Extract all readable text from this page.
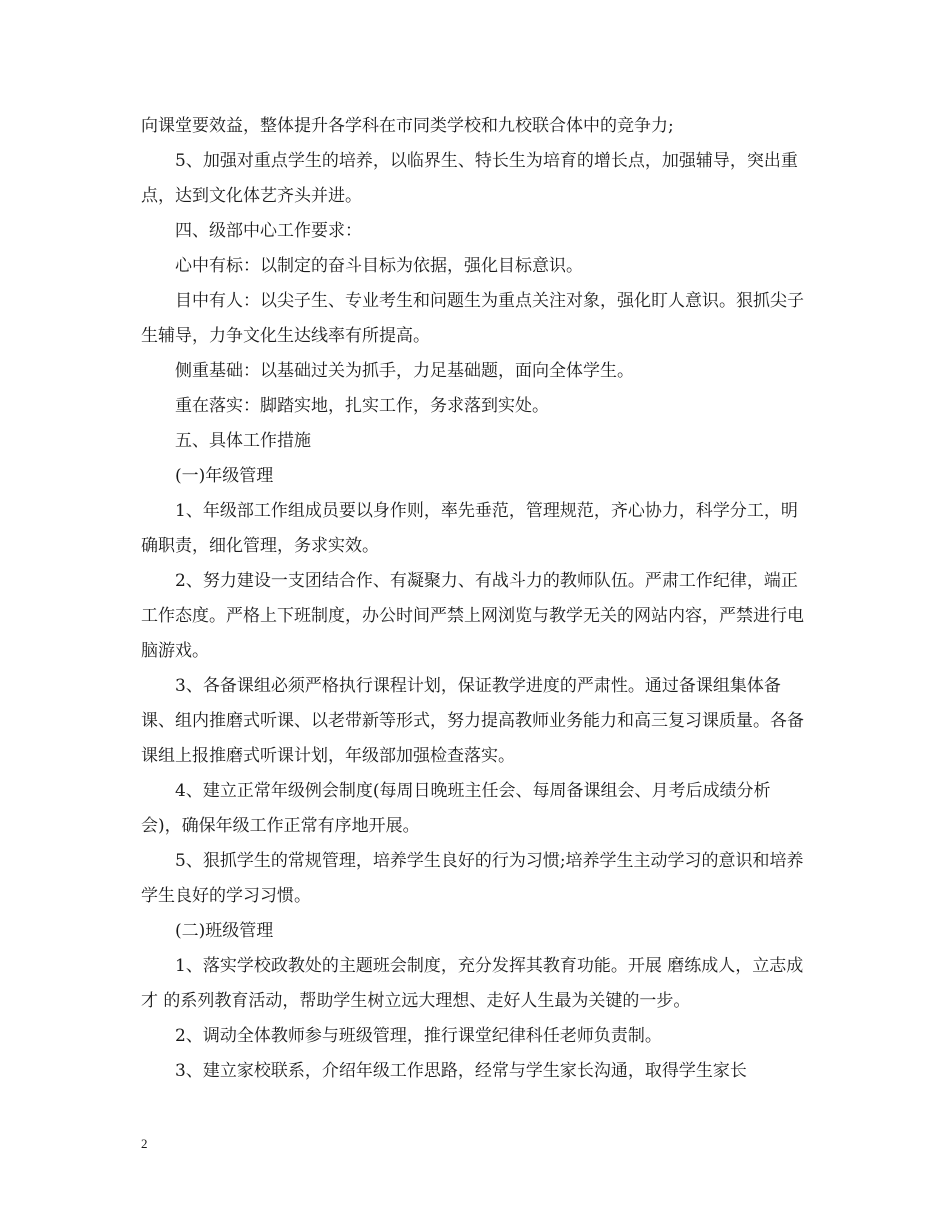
向课堂要效益，整体提升各学科在市同类学校和九校联合体中的竞争力;

5、加强对重点学生的培养，以临界生、特长生为培育的增长点，加强辅导，突出重点，达到文化体艺齐头并进。

四、级部中心工作要求：

心中有标：以制定的奋斗目标为依据，强化目标意识。

目中有人：以尖子生、专业考生和问题生为重点关注对象，强化盯人意识。狠抓尖子生辅导，力争文化生达线率有所提高。

侧重基础：以基础过关为抓手，力足基础题，面向全体学生。

重在落实：脚踏实地，扎实工作，务求落到实处。

五、具体工作措施

(一)年级管理

1、年级部工作组成员要以身作则，率先垂范，管理规范，齐心协力，科学分工，明确职责，细化管理，务求实效。

2、努力建设一支团结合作、有凝聚力、有战斗力的教师队伍。严肃工作纪律，端正工作态度。严格上下班制度，办公时间严禁上网浏览与教学无关的网站内容，严禁进行电脑游戏。

3、各备课组必须严格执行课程计划，保证教学进度的严肃性。通过备课组集体备课、组内推磨式听课、以老带新等形式，努力提高教师业务能力和高三复习课质量。各备课组上报推磨式听课计划，年级部加强检查落实。

4、建立正常年级例会制度(每周日晚班主任会、每周备课组会、月考后成绩分析会)，确保年级工作正常有序地开展。

5、狠抓学生的常规管理，培养学生良好的行为习惯;培养学生主动学习的意识和培养学生良好的学习习惯。

(二)班级管理

1、落实学校政教处的主题班会制度，充分发挥其教育功能。开展 磨练成人，立志成才 的系列教育活动，帮助学生树立远大理想、走好人生最为关键的一步。

2、调动全体教师参与班级管理，推行课堂纪律科任老师负责制。

3、建立家校联系，介绍年级工作思路，经常与学生家长沟通，取得学生家长

2
